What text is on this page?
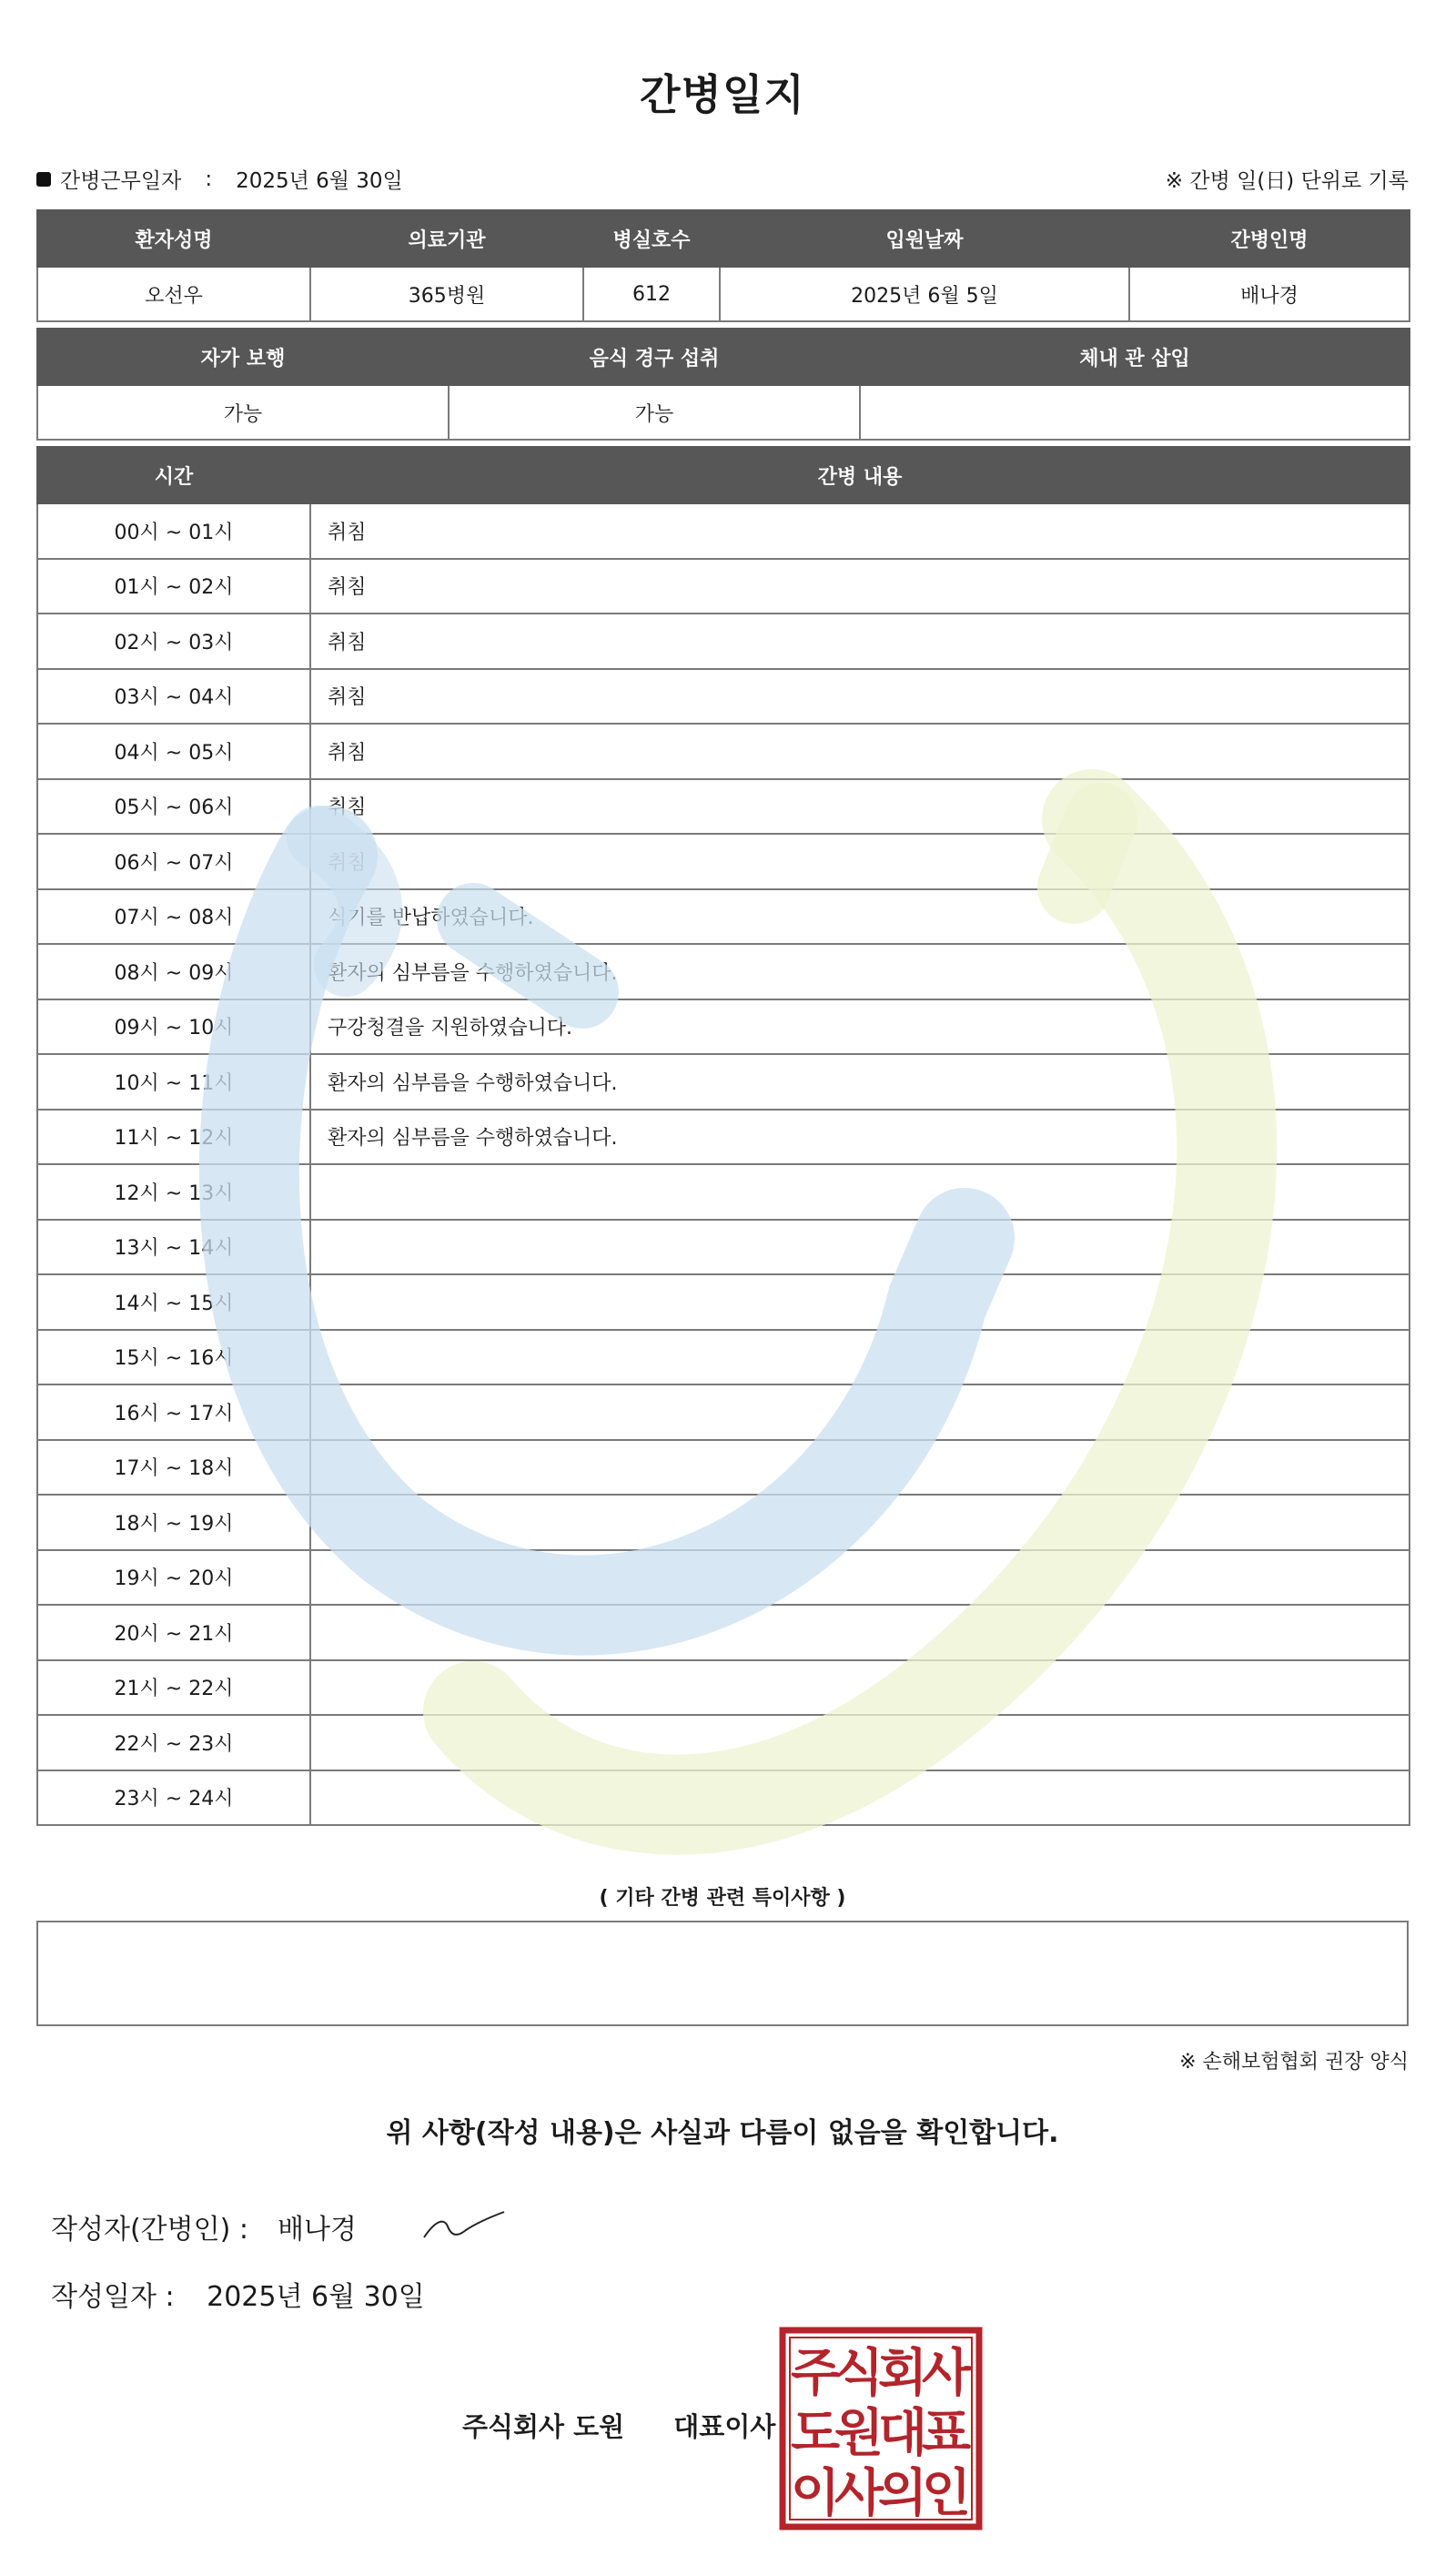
간병일지
간병근무일자 : 2025년 6월 30일	※ 간병 일(日) 단위로 기록
환자성명	의료기관	병실호수	입원날짜	간병인명
오선우	365병원	612	2025년 6월 5일	배나경
자가 보행	음식 경구 섭취	체내 관 삽입
가능	가능	
시간	간병 내용
00시 ~ 01시	취침
01시 ~ 02시	취침
02시 ~ 03시	취침
03시 ~ 04시	취침
04시 ~ 05시	취침
05시 ~ 06시	취침
06시 ~ 07시	취침
07시 ~ 08시	식기를 반납하였습니다.
08시 ~ 09시	환자의 심부름을 수행하였습니다.
09시 ~ 10시	구강청결을 지원하였습니다.
10시 ~ 11시	환자의 심부름을 수행하였습니다.
11시 ~ 12시	환자의 심부름을 수행하였습니다.
12시 ~ 13시	
13시 ~ 14시	
14시 ~ 15시	
15시 ~ 16시	
16시 ~ 17시	
17시 ~ 18시	
18시 ~ 19시	
19시 ~ 20시	
20시 ~ 21시	
21시 ~ 22시	
22시 ~ 23시	
23시 ~ 24시	
( 기타 간병 관련 특이사항 )
※ 손해보험협회 권장 양식
위 사항(작성 내용)은 사실과 다름이 없음을 확인합니다.
작성자(간병인) : 배나경
작성일자 : 2025년 6월 30일
주식회사 도원 대표이사
주
식
회
사
도
원
대
표
이
사
의
인
